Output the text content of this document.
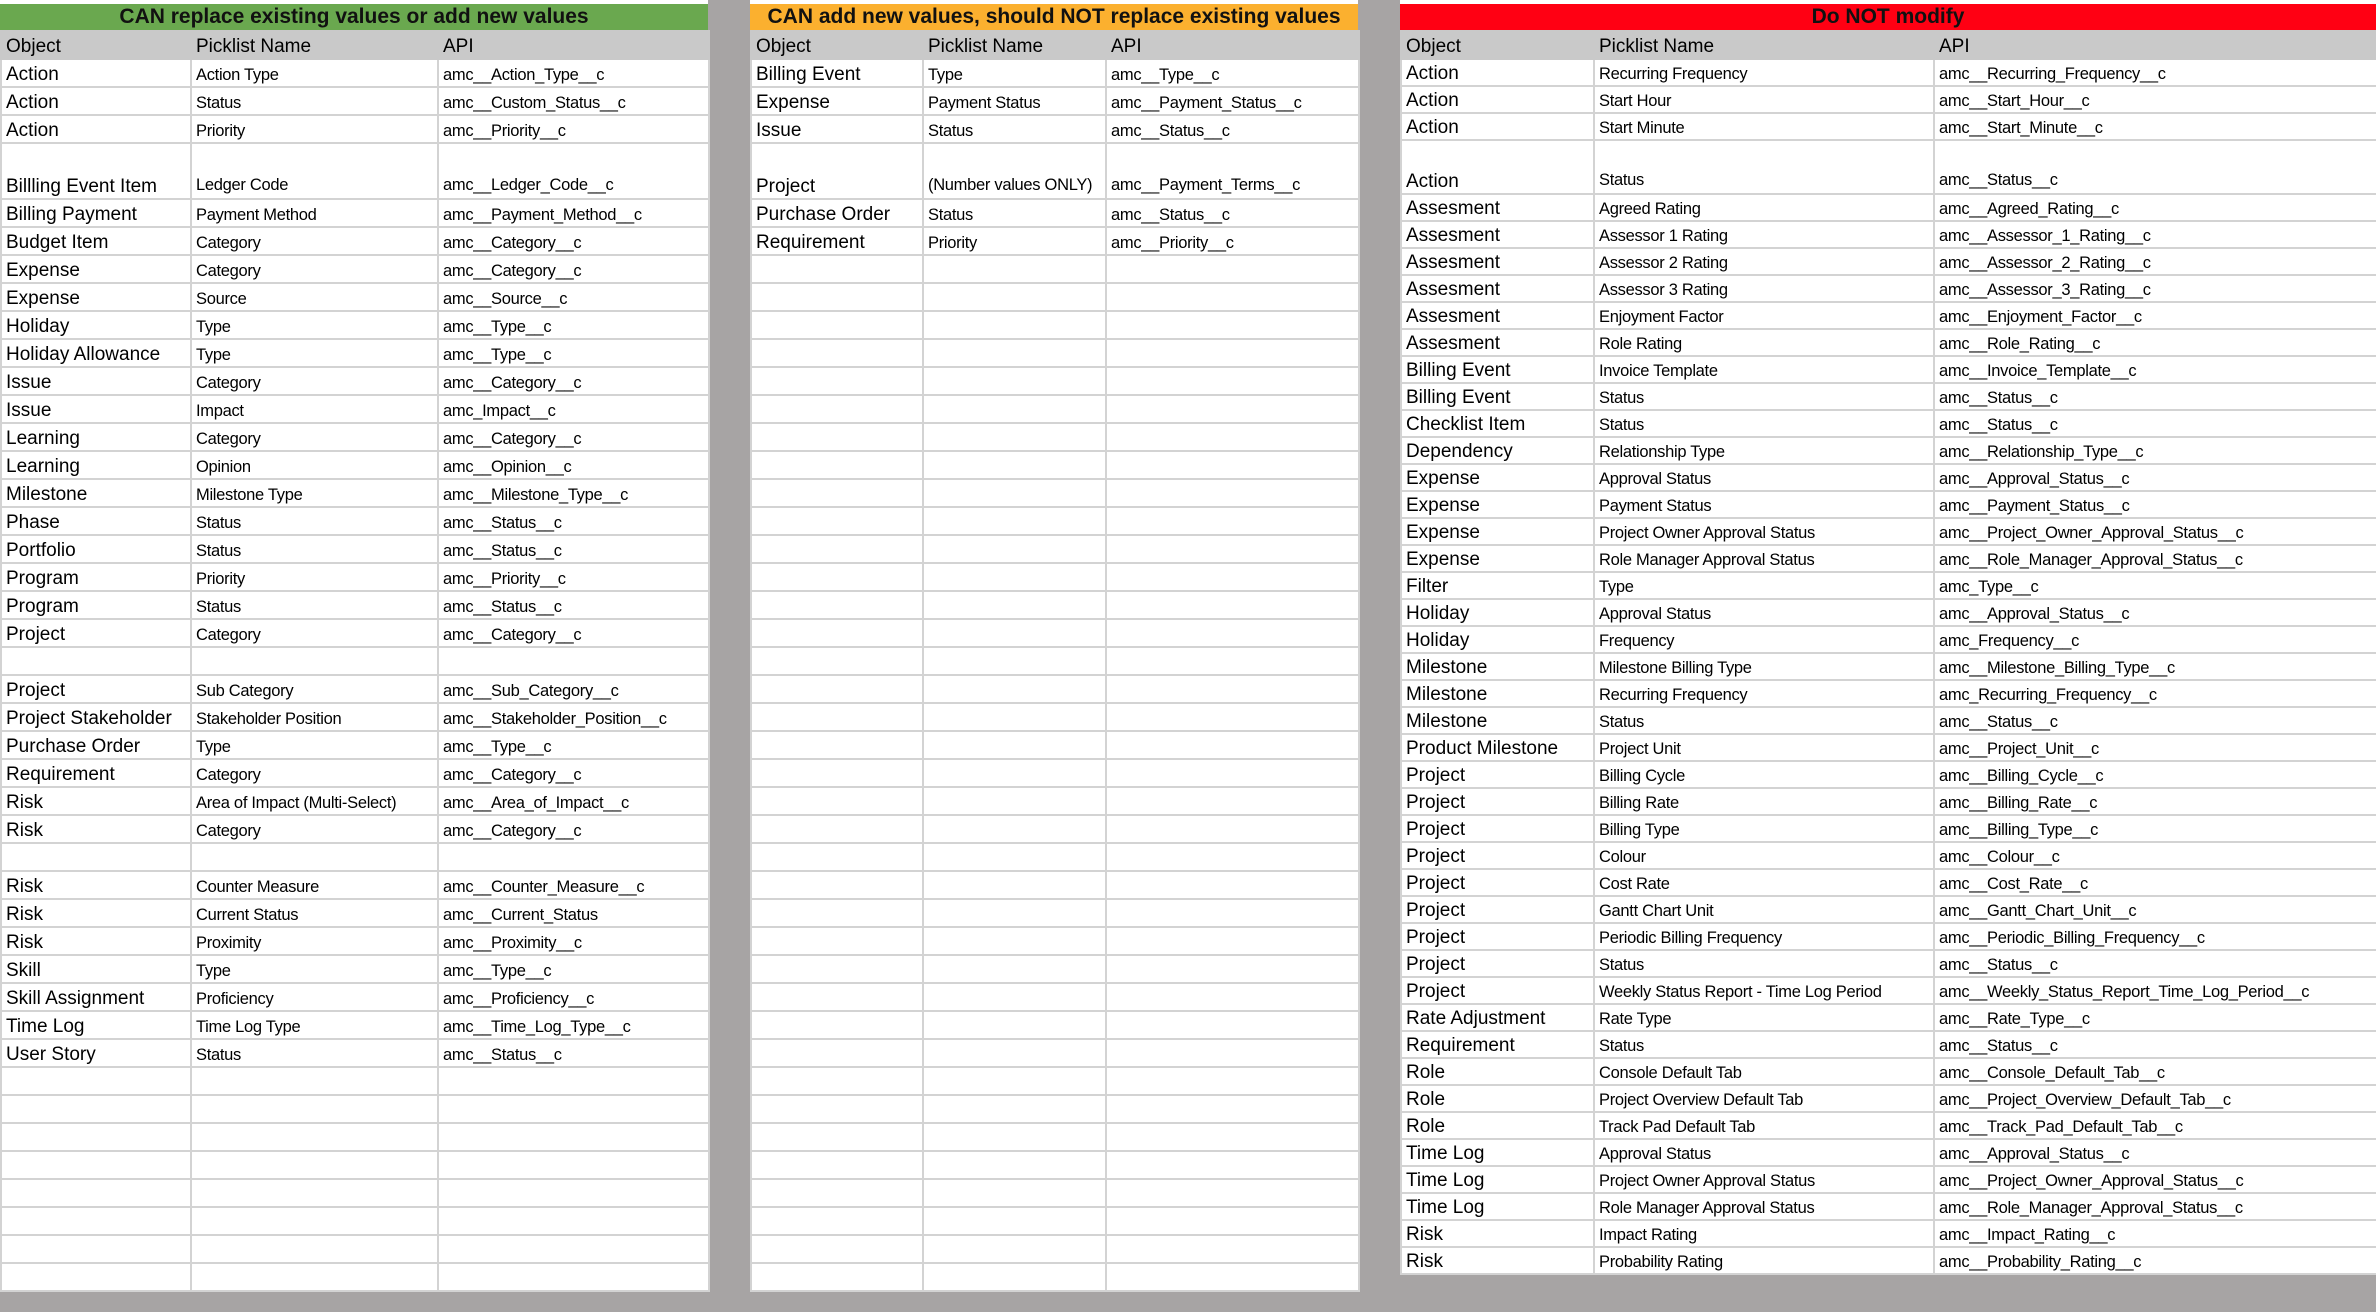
CAN replace existing values or add new values
Object	Picklist Name	API
Action	Action Type	amc__Action_Type__c
Action	Status	amc__Custom_Status__c
Action	Priority	amc__Priority__c
Billling Event Item	Ledger Code	amc__Ledger_Code__c
Billing Payment	Payment Method	amc__Payment_Method__c
Budget Item	Category	amc__Category__c
Expense	Category	amc__Category__c
Expense	Source	amc__Source__c
Holiday	Type	amc__Type__c
Holiday Allowance	Type	amc__Type__c
Issue	Category	amc__Category__c
Issue	Impact	amc_Impact__c
Learning	Category	amc__Category__c
Learning	Opinion	amc__Opinion__c
Milestone	Milestone Type	amc__Milestone_Type__c
Phase	Status	amc__Status__c
Portfolio	Status	amc__Status__c
Program	Priority	amc__Priority__c
Program	Status	amc__Status__c
Project	Category	amc__Category__c

Project	Sub Category	amc__Sub_Category__c
Project Stakeholder	Stakeholder Position	amc__Stakeholder_Position__c
Purchase Order	Type	amc__Type__c
Requirement	Category	amc__Category__c
Risk	Area of Impact (Multi-Select)	amc__Area_of_Impact__c
Risk	Category	amc__Category__c

Risk	Counter Measure	amc__Counter_Measure__c
Risk	Current Status	amc__Current_Status
Risk	Proximity	amc__Proximity__c
Skill	Type	amc__Type__c
Skill Assignment	Proficiency	amc__Proficiency__c
Time Log	Time Log Type	amc__Time_Log_Type__c
User Story	Status	amc__Status__c

CAN add new values, should NOT replace existing values
Object	Picklist Name	API
Billing Event	Type	amc__Type__c
Expense	Payment Status	amc__Payment_Status__c
Issue	Status	amc__Status__c
Project	(Number values ONLY)	amc__Payment_Terms__c
Purchase Order	Status	amc__Status__c
Requirement	Priority	amc__Priority__c

Do NOT modify
Object	Picklist Name	API
Action	Recurring Frequency	amc__Recurring_Frequency__c
Action	Start Hour	amc__Start_Hour__c
Action	Start Minute	amc__Start_Minute__c
Action	Status	amc__Status__c
Assesment	Agreed Rating	amc__Agreed_Rating__c
Assesment	Assessor 1 Rating	amc__Assessor_1_Rating__c
Assesment	Assessor 2 Rating	amc__Assessor_2_Rating__c
Assesment	Assessor 3 Rating	amc__Assessor_3_Rating__c
Assesment	Enjoyment Factor	amc__Enjoyment_Factor__c
Assesment	Role Rating	amc__Role_Rating__c
Billing Event	Invoice Template	amc__Invoice_Template__c
Billing Event	Status	amc__Status__c
Checklist Item	Status	amc__Status__c
Dependency	Relationship Type	amc__Relationship_Type__c
Expense	Approval Status	amc__Approval_Status__c
Expense	Payment Status	amc__Payment_Status__c
Expense	Project Owner Approval Status	amc__Project_Owner_Approval_Status__c
Expense	Role Manager Approval Status	amc__Role_Manager_Approval_Status__c
Filter	Type	amc_Type__c
Holiday	Approval Status	amc__Approval_Status__c
Holiday	Frequency	amc_Frequency__c
Milestone	Milestone Billing Type	amc__Milestone_Billing_Type__c
Milestone	Recurring Frequency	amc_Recurring_Frequency__c
Milestone	Status	amc__Status__c
Product Milestone	Project Unit	amc__Project_Unit__c
Project	Billing Cycle	amc__Billing_Cycle__c
Project	Billing Rate	amc__Billing_Rate__c
Project	Billing Type	amc__Billing_Type__c
Project	Colour	amc__Colour__c
Project	Cost Rate	amc__Cost_Rate__c
Project	Gantt Chart Unit	amc__Gantt_Chart_Unit__c
Project	Periodic Billing Frequency	amc__Periodic_Billing_Frequency__c
Project	Status	amc__Status__c
Project	Weekly Status Report - Time Log Period	amc__Weekly_Status_Report_Time_Log_Period__c
Rate Adjustment	Rate Type	amc__Rate_Type__c
Requirement	Status	amc__Status__c
Role	Console Default Tab	amc__Console_Default_Tab__c
Role	Project Overview Default Tab	amc__Project_Overview_Default_Tab__c
Role	Track Pad Default Tab	amc__Track_Pad_Default_Tab__c
Time Log	Approval Status	amc__Approval_Status__c
Time Log	Project Owner Approval Status	amc__Project_Owner_Approval_Status__c
Time Log	Role Manager Approval Status	amc__Role_Manager_Approval_Status__c
Risk	Impact Rating	amc__Impact_Rating__c
Risk	Probability Rating	amc__Probability_Rating__c
